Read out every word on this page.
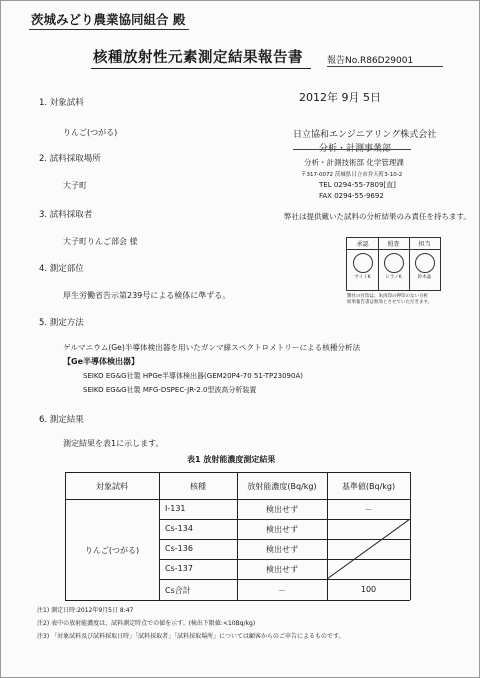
茨城みどり農業協同組合 殿
核種放射性元素測定結果報告書	報告No.R86D29001
2012年 9月 5日
日立協和エンジニアリング株式会社
分析・計測事業部
分析・計測技術部 化学管理課
〒317-0072 茨城県日立市弁天町3-10-2
TEL 0294-55-7809[直]
FAX 0294-55-9692
弊社は提供戴いた試料の分析結果のみ責任を持ちます。
承認	照査	担当
サイトK	ヒラノK	鈴木晶
弊社の社印は、朱肉印の押印のない分析
結果報告書は無効とさせていただきます。
1. 対象試料
りんご(つがる)
2. 試料採取場所
大子町
3. 試料採取者
大子町りんご部会 様
4. 測定部位
厚生労働省告示第239号による検体に準ずる。
5. 測定方法
ゲルマニウム(Ge)半導体検出器を用いたガンマ線スペクトロメトリーによる核種分析法
【Ge半導体検出器】
SEIKO EG&G社製 HPGe半導体検出器(GEM20P4-70 51-TP23090A)
SEIKO EG&G社製 MFG-DSPEC-JR-2.0型波高分析装置
6. 測定結果
測定結果を表1に示します。
表1 放射能濃度測定結果
対象試料	核種	放射能濃度(Bq/kg)	基準値(Bq/kg)
りんご(つがる)
I-131	検出せず	－
Cs-134	検出せず
Cs-136	検出せず
Cs-137	検出せず
Cs合計	－	100
注1) 測定日時:2012年9月5日 8:47
注2) 表中の放射能濃度は、試料測定時点での値を示す。(検出下限値:<10Bq/kg)
注3) 「対象試料及び試料採取日時」「試料採取者」「試料採取場所」については顧客からのご申告によるものです。
